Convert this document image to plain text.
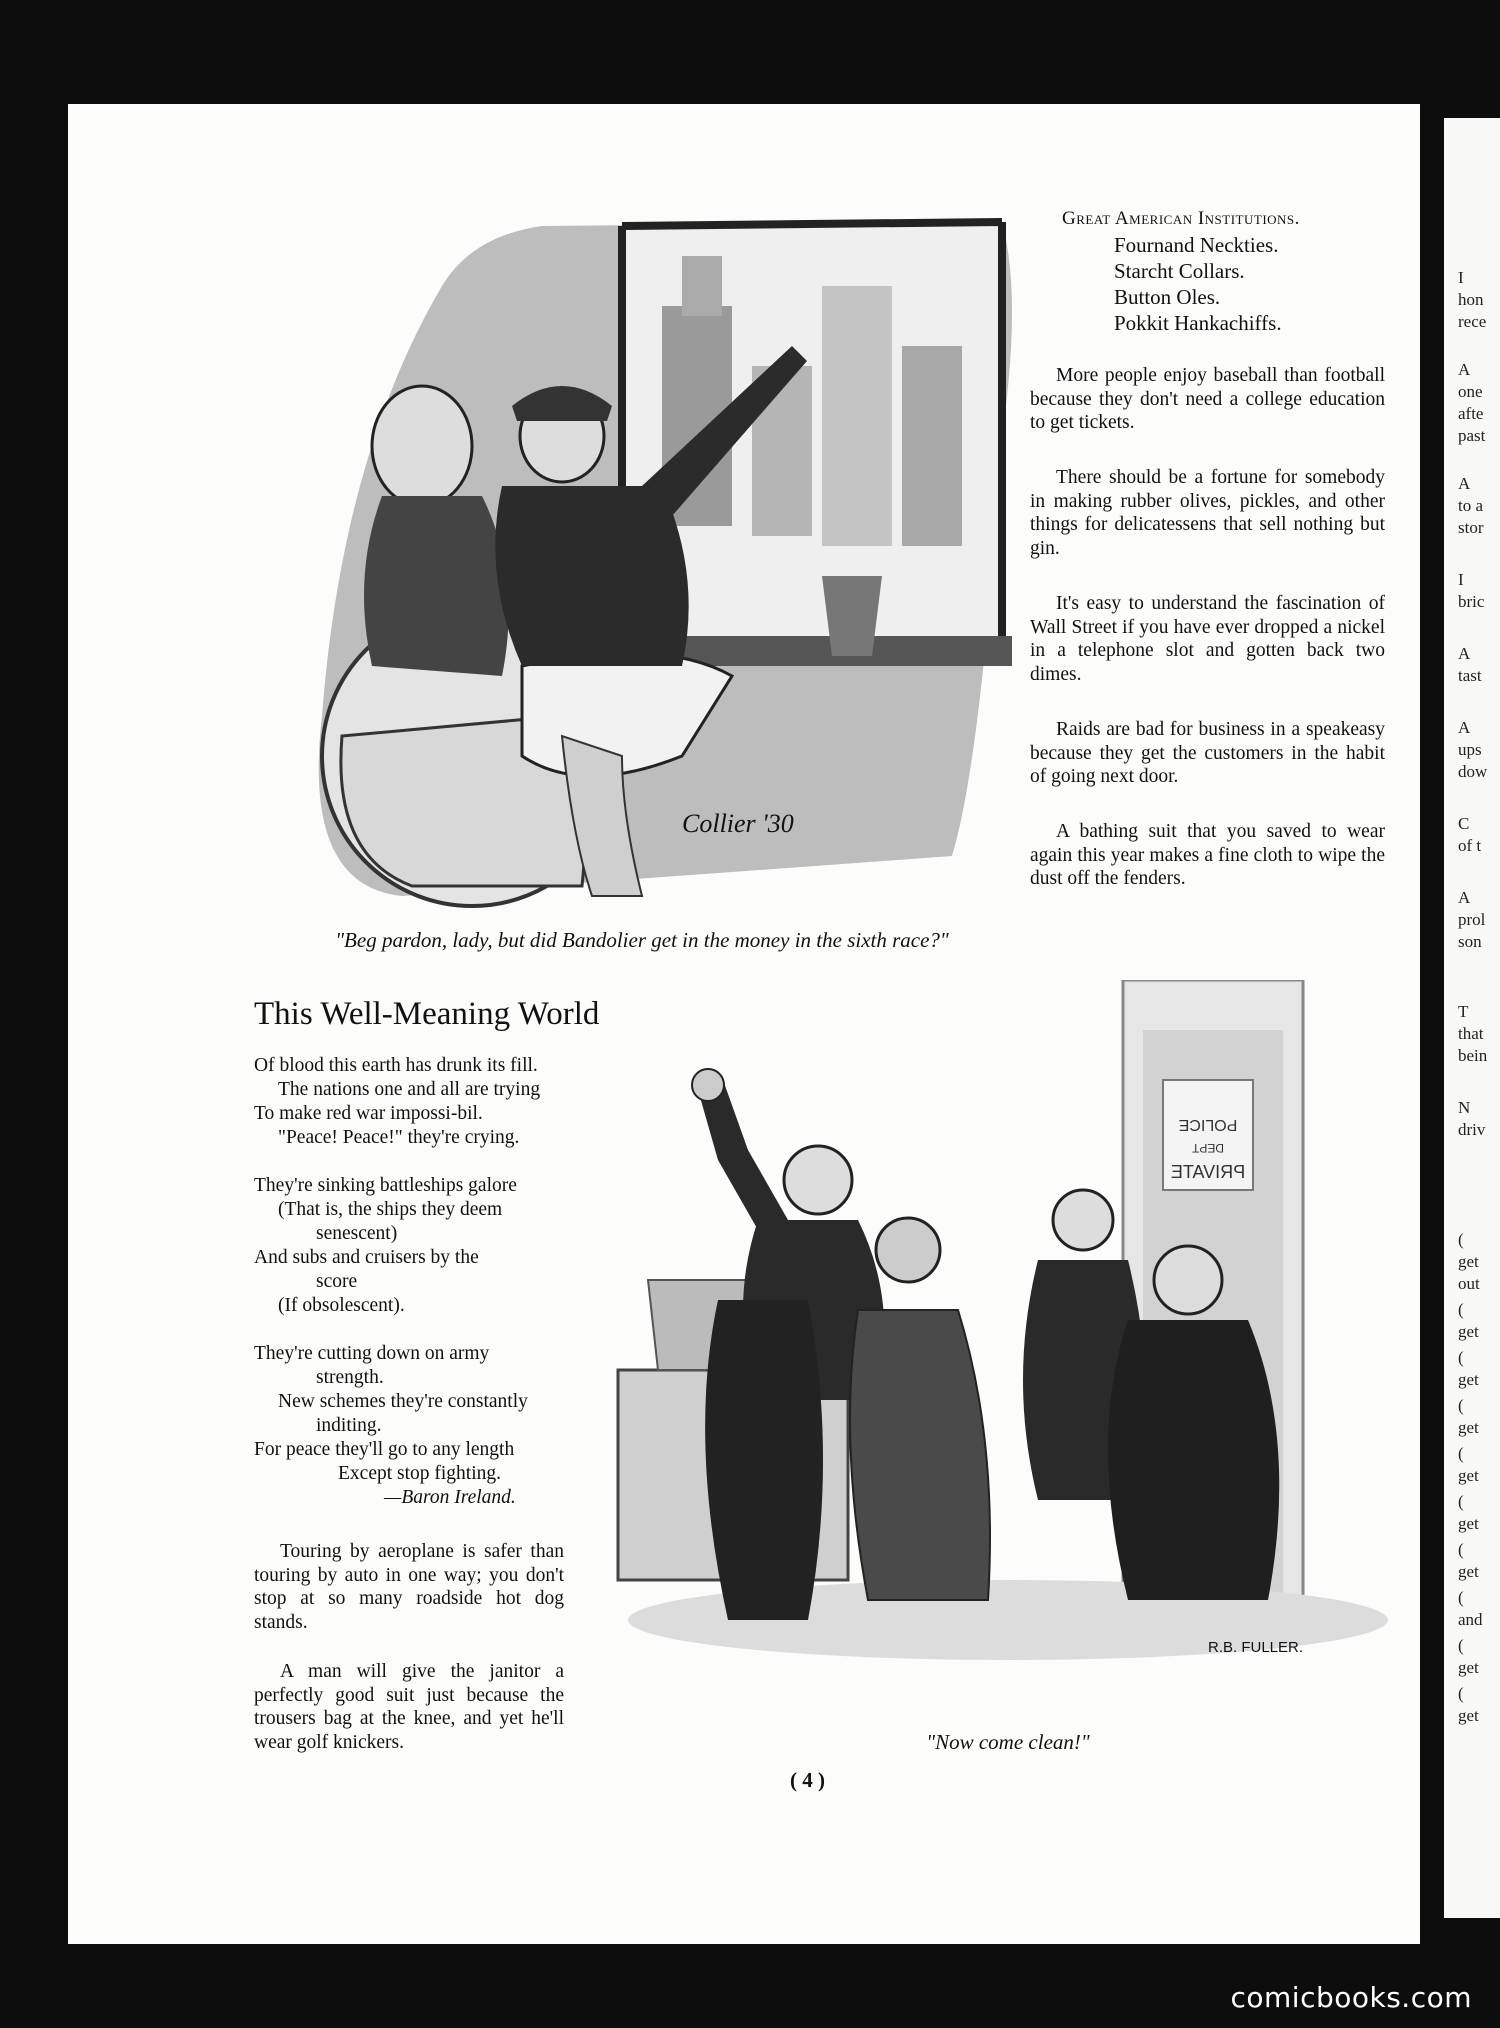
I
hon
rece
A
one
afte
past
A
to a
stor
I
bric
A
tast
A
ups
dow
C
of t
A
prol
son
T
that
bein
N
driv
(
get
out
(
get
(
get
(
get
(
get
(
get
(
get
(
and
(
get
(
get
Collier '30
"Beg pardon, lady, but did Bandolier get in the money in the sixth race?"
Great American Institutions.
Fournand Neckties.
Starcht Collars.
Button Oles.
Pokkit Hankachiffs.

More people enjoy baseball than football because they don't need a college education to get tickets.

There should be a fortune for somebody in making rubber olives, pickles, and other things for delicatessens that sell nothing but gin.

It's easy to understand the fascination of Wall Street if you have ever dropped a nickel in a telephone slot and gotten back two dimes.

Raids are bad for business in a speakeasy because they get the customers in the habit of going next door.

A bathing suit that you saved to wear again this year makes a fine cloth to wipe the dust off the fenders.

This Well-Meaning World
Of blood this earth has drunk its fill.
The nations one and all are trying
To make red war impossi-bil.
"Peace! Peace!" they're crying.
They're sinking battleships galore
(That is, the ships they deem
senescent)
And subs and cruisers by the
score
(If obsolescent).
They're cutting down on army
strength.
New schemes they're constantly
inditing.
For peace they'll go to any length
Except stop fighting.
—Baron Ireland.

Touring by aeroplane is safer than touring by auto in one way; you don't stop at so many roadside hot dog stands.

A man will give the janitor a perfectly good suit just because the trousers bag at the knee, and yet he'll wear golf knickers.

POLICE
DEPT
PRIVATE
R.B. FULLER.
"Now come clean!"
( 4 )
comicbooks.com
